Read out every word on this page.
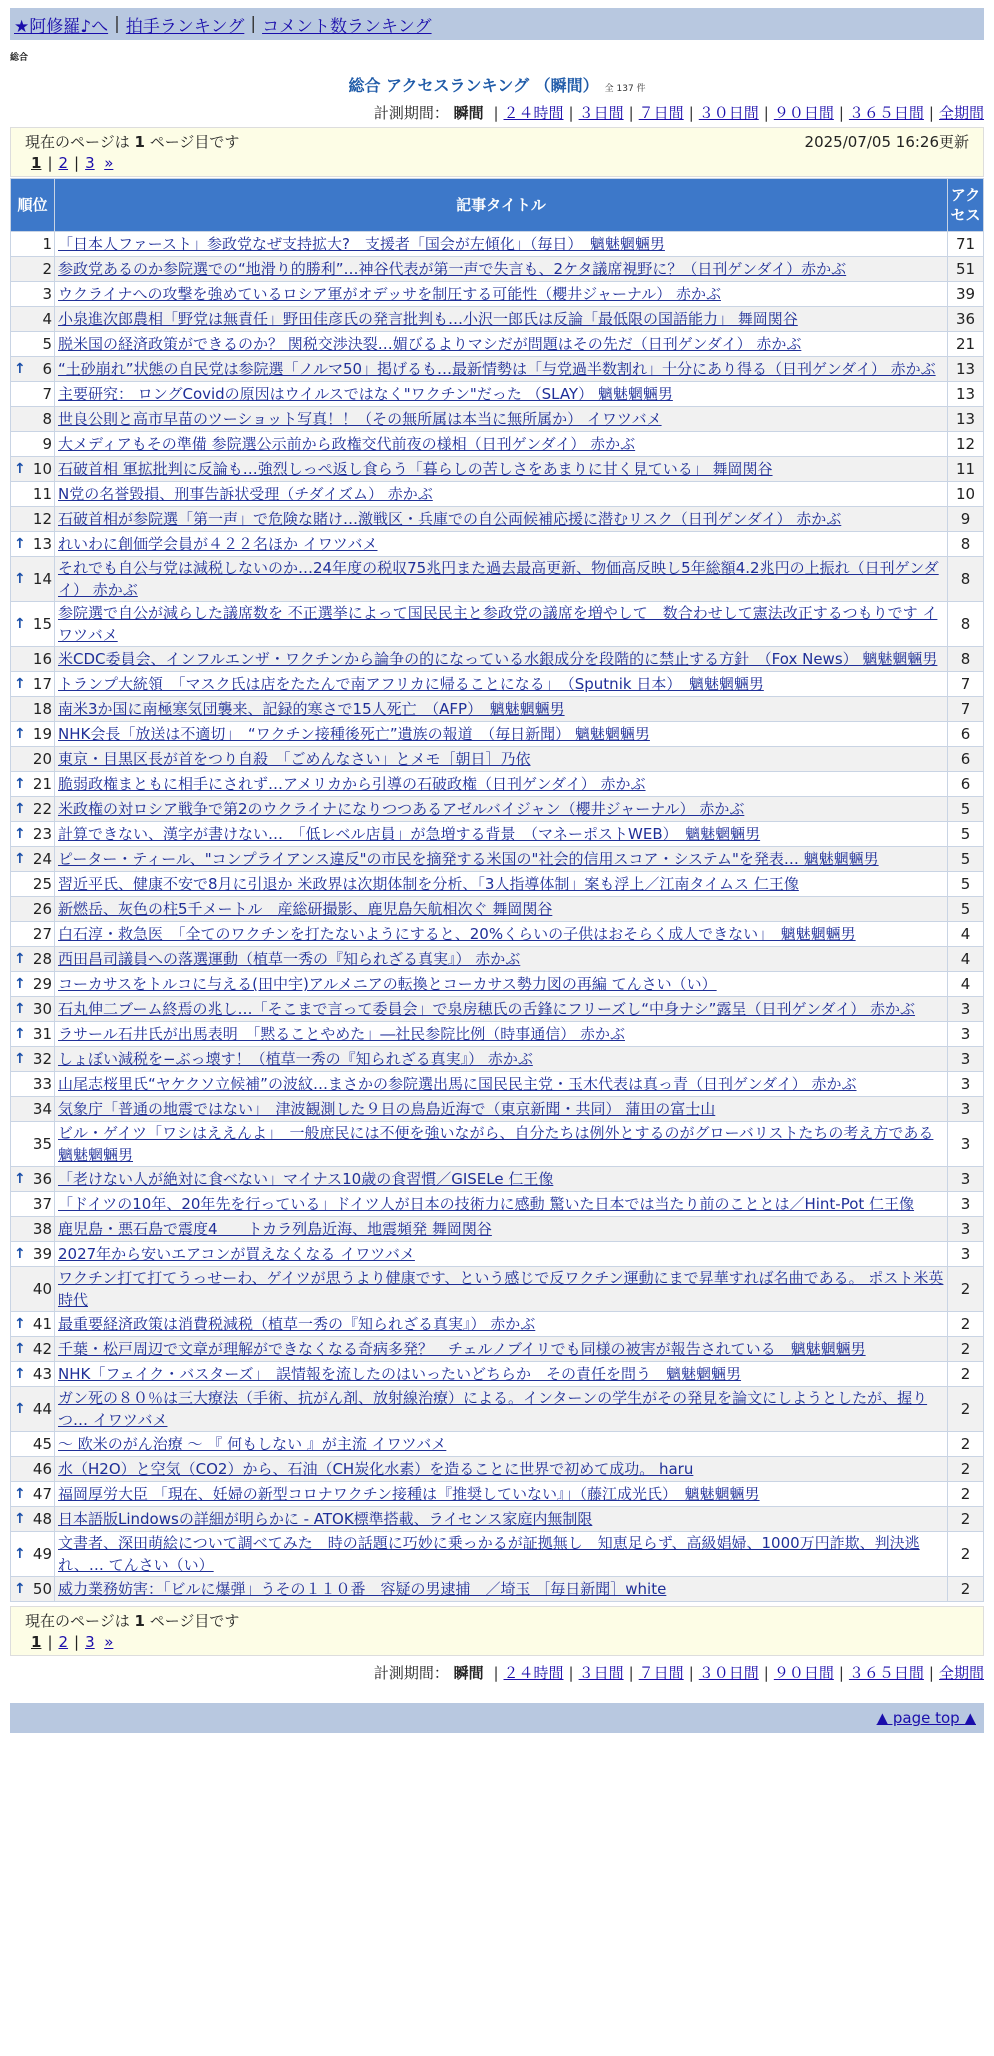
★阿修羅♪へ | 拍手ランキング | コメント数ランキング
総合
総合 アクセスランキング （瞬間） 全 137 件
計測期間： 瞬間 | ２４時間 | ３日間 | ７日間 | ３０日間 | ９０日間 | ３６５日間 | 全期間
現在のページは 1 ページ目です	2025/07/05 16:26更新
1 | 2 | 3 »
順位	記事タイトル	アクセス
1	「日本人ファースト」参政党なぜ支持拡大?　支援者「国会が左傾化」（毎日）　魑魅魍魎男	71
2	参政党あるのか参院選での“地滑り的勝利”…神谷代表が第一声で失言も、2ケタ議席視野に？（日刊ゲンダイ）赤かぶ	51
3	ウクライナへの攻撃を強めているロシア軍がオデッサを制圧する可能性（櫻井ジャーナル） 赤かぶ	39
4	小泉進次郎農相「野党は無責任」野田佳彦氏の発言批判も…小沢一郎氏は反論「最低限の国語能力」 舞岡関谷	36
5	脱米国の経済政策ができるのか？ 関税交渉決裂…媚びるよりマシだが問題はその先だ（日刊ゲンダイ） 赤かぶ	21

↑ 6	“土砂崩れ”状態の自民党は参院選「ノルマ50」掲げるも…最新情勢は「与党過半数割れ」十分にあり得る（日刊ゲンダイ） 赤かぶ	13
7	主要研究： ロングCovidの原因はウイルスではなく"ワクチン"だった （SLAY） 魑魅魍魎男	13
8	世良公則と高市早苗のツーショット写真！！（その無所属は本当に無所属か） イワツバメ	13
9	大メディアもその準備 参院選公示前から政権交代前夜の様相（日刊ゲンダイ） 赤かぶ	12

↑ 10	石破首相 軍拡批判に反論も…強烈しっぺ返し食らう「暮らしの苦しさをあまりに甘く見ている」 舞岡関谷	11
11	N党の名誉毀損、刑事告訴状受理（チダイズム） 赤かぶ	10
12	石破首相が参院選「第一声」で危険な賭け…激戦区・兵庫での自公両候補応援に潜むリスク（日刊ゲンダイ） 赤かぶ	9

↑ 13	れいわに創価学会員が４２２名ほか イワツバメ	8

↑ 14	それでも自公与党は減税しないのか…24年度の税収75兆円また過去最高更新、物価高反映し5年総額4.2兆円の上振れ（日刊ゲンダイ） 赤かぶ	8

↑ 15	参院選で自公が減らした議席数を 不正選挙によって国民民主と参政党の議席を増やして　数合わせして憲法改正するつもりです イワツバメ	8
16	米CDC委員会、インフルエンザ・ワクチンから論争の的になっている水銀成分を段階的に禁止する方針　（Fox News） 魑魅魍魎男	8

↑ 17	トランプ大統領　「マスク氏は店をたたんで南アフリカに帰ることになる」　（Sputnik 日本）　魑魅魍魎男	7
18	南米3か国に南極寒気団襲来、記録的寒さで15人死亡　（AFP）　魑魅魍魎男	7

↑ 19	NHK会長「放送は不適切」　“ワクチン接種後死亡”遺族の報道　（毎日新聞） 魑魅魍魎男	6
20	東京・目黒区長が首をつり自殺　「ごめんなさい」とメモ［朝日］乃依	6

↑ 21	脆弱政権まともに相手にされず…アメリカから引導の石破政権（日刊ゲンダイ） 赤かぶ	6

↑ 22	米政権の対ロシア戦争で第2のウクライナになりつつあるアゼルバイジャン（櫻井ジャーナル） 赤かぶ	5

↑ 23	計算できない、漢字が書けない…　「低レベル店員」が急増する背景　（マネーポストWEB）　魑魅魍魎男	5

↑ 24	ピーター・ティール、"コンプライアンス違反"の市民を摘発する米国の"社会的信用スコア・システム"を発表… 魑魅魍魎男	5
25	習近平氏、健康不安で8月に引退か 米政界は次期体制を分析、「3人指導体制」案も浮上／江南タイムス 仁王像	5
26	新燃岳、灰色の柱5千メートル　産総研撮影、鹿児島矢航相次ぐ 舞岡関谷	5
27	白石淳・救急医　「全てのワクチンを打たないようにすると、20%くらいの子供はおそらく成人できない」　魑魅魍魎男	4

↑ 28	西田昌司議員への落選運動（植草一秀の『知られざる真実』） 赤かぶ	4

↑ 29	コーカサスをトルコに与える(田中宇)アルメニアの転換とコーカサス勢力図の再編 てんさい（い）	4

↑ 30	石丸伸二ブーム終焉の兆し…「そこまで言って委員会」で泉房穂氏の舌鋒にフリーズし“中身ナシ”露呈（日刊ゲンダイ） 赤かぶ	3

↑ 31	ラサール石井氏が出馬表明　「黙ることやめた」―社民参院比例（時事通信） 赤かぶ	3

↑ 32	しょぼい減税を−ぶっ壊す！（植草一秀の『知られざる真実』） 赤かぶ	3
33	山尾志桜里氏“ヤケクソ立候補”の波紋…まさかの参院選出馬に国民民主党・玉木代表は真っ青（日刊ゲンダイ） 赤かぶ	3
34	気象庁「普通の地震ではない」　津波観測した９日の鳥島近海で（東京新聞・共同） 蒲田の富士山	3
35	ビル・ゲイツ「ワシはええんよ」　一般庶民には不便を強いながら、自分たちは例外とするのがグローバリストたちの考え方である 魑魅魍魎男	3

↑ 36	「老けない人が絶対に食べない」マイナス10歳の食習慣／GISELe 仁王像	3
37	「ドイツの10年、20年先を行っている」ドイツ人が日本の技術力に感動 驚いた日本では当たり前のこととは／Hint-Pot 仁王像	3
38	鹿児島・悪石島で震度4　　トカラ列島近海、地震頻発 舞岡関谷	3

↑ 39	2027年から安いエアコンが買えなくなる イワツバメ	3
40	ワクチン打て打てうっせーわ、ゲイツが思うより健康です、という感じで反ワクチン運動にまで昇華すれば名曲である。 ポスト米英時代	2

↑ 41	最重要経済政策は消費税減税（植草一秀の『知られざる真実』） 赤かぶ	2

↑ 42	千葉・松戸周辺で文章が理解ができなくなる奇病多発？　チェルノブイリでも同様の被害が報告されている　魑魅魍魎男	2

↑ 43	NHK「フェイク・バスターズ」　誤情報を流したのはいったいどちらか　その責任を問う　魑魅魍魎男	2

↑ 44	ガン死の８０％は三大療法（手術、抗がん剤、放射線治療）による。インターンの学生がその発見を論文にしようとしたが、握りつ… イワツバメ	2
45	～ 欧米のがん治療 ～ 『 何もしない 』が主流 イワツバメ	2
46	水（H2O）と空気（CO2）から、石油（CH炭化水素）を造ることに世界で初めて成功。 haru	2

↑ 47	福岡厚労大臣 「現在、妊婦の新型コロナワクチン接種は『推奨していない』」（藤江成光氏）　魑魅魍魎男	2

↑ 48	日本語版Lindowsの詳細が明らかに - ATOK標準搭載、ライセンス家庭内無制限	2

↑ 49	文書者、深田萌絵について調べてみた　時の話題に巧妙に乗っかるが証拠無し　知恵足らず、高級娼婦、1000万円詐欺、判決逃れ、… てんさい（い）	2

↑ 50	威力業務妨害：「ビルに爆弾」うその１１０番　容疑の男逮捕　／埼玉 ［毎日新聞］white	2
現在のページは 1 ページ目です
1 | 2 | 3 »
計測期間： 瞬間 | ２４時間 | ３日間 | ７日間 | ３０日間 | ９０日間 | ３６５日間 | 全期間
▲ page top ▲
